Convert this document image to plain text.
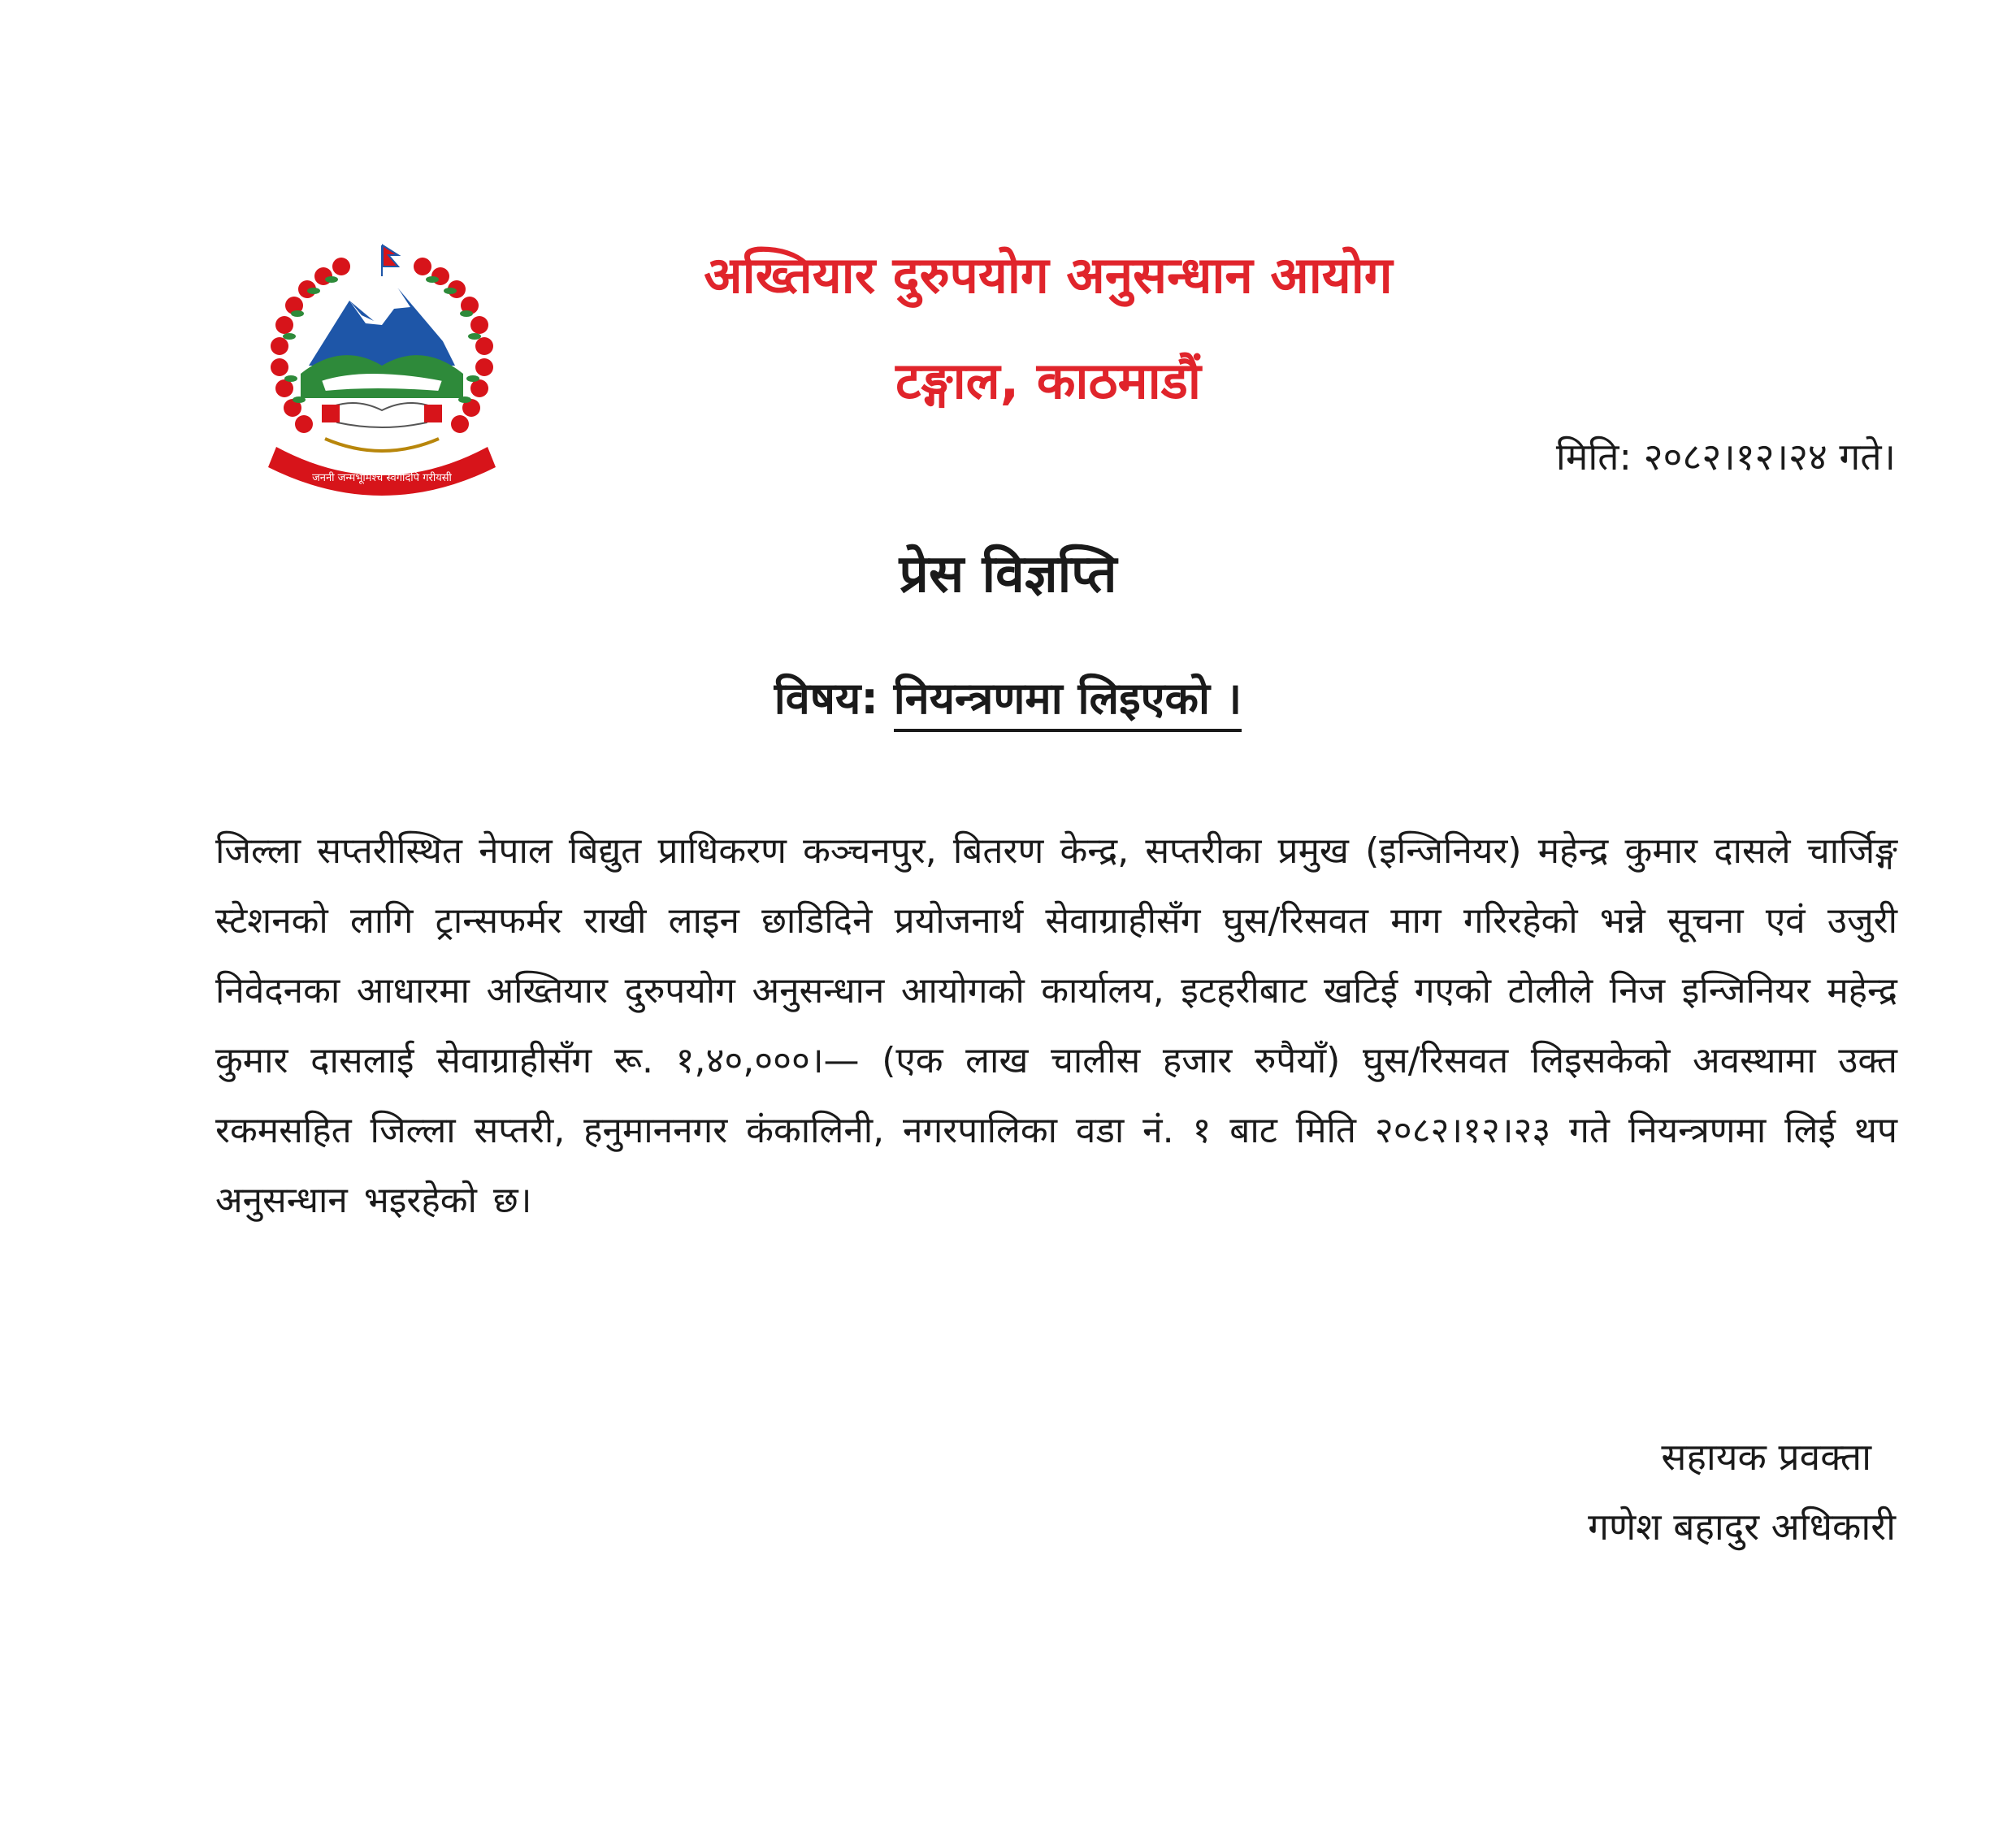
जननी जन्मभूमिश्च स्वर्गादपि गरीयसी
अख्तियार दुरुपयोग अनुसन्धान आयोग
टङ्गाल, काठमाडौं
मिति: २०८२।१२।२४ गते।
प्रेस विज्ञप्ति
विषय: नियन्त्रणमा लिइएको ।
जिल्ला सप्तरीस्थित नेपाल बिद्युत प्राधिकरण कञ्चनपुर, बितरण केन्द्र, सप्तरीका प्रमुख (इन्जिनियर) महेन्द्र कुमार दासले चार्जिङ्ग स्टेशनको लागि ट्रान्सफर्मर राखी लाइन छाडिदिने प्रयोजनार्थ सेवाग्राहीसँग घुस/रिसवत माग गरिरहेको भन्ने सूचना एवं उजुरी निवेदनका आधारमा अख्तियार दुरुपयोग अनुसन्धान आयोगको कार्यालय, इटहरीबाट खटिई गएको टोलीले निज इन्जिनियर महेन्द्र कुमार दासलाई सेवाग्राहीसँग रू. १,४०,०००।— (एक लाख चालीस हजार रुपैयाँ) घुस/रिसवत लिइसकेको अवस्थामा उक्त रकमसहित जिल्ला सप्तरी, हनुमाननगर कंकालिनी, नगरपालिका वडा नं. १ बाट मिति २०८२।१२।२३ गते नियन्त्रणमा लिई थप अनुसन्धान भइरहेको छ।
सहायक प्रवक्ता
गणेश बहादुर अधिकारी
